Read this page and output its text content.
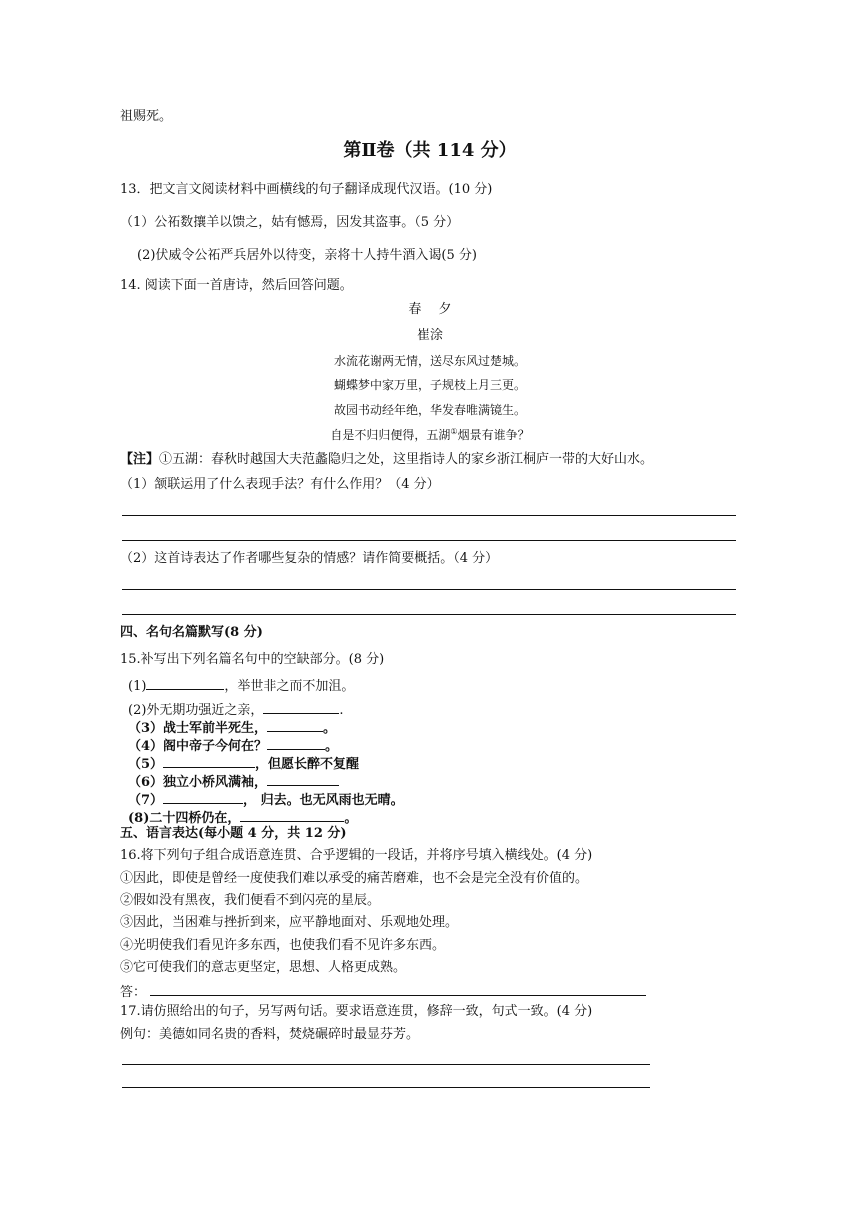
祖赐死。
第Ⅱ卷（共 114 分）
13．把文言文阅读材料中画横线的句子翻译成现代汉语。(10 分)
（1）公祏数攘羊以馈之，姑有憾焉，因发其盗事。（5 分）
(2)伏威令公祏严兵居外以待变，亲将十人持牛酒入谒(5 分)
14. 阅读下面一首唐诗，然后回答问题。
春　 夕
崔涂
水流花谢两无情，送尽东风过楚城。
蝴蝶梦中家万里，子规枝上月三更。
故园书动经年绝，华发春唯满镜生。
自是不归归便得，五湖①烟景有谁争？
【注】①五湖：春秋时越国大夫范蠡隐归之处，这里指诗人的家乡浙江桐庐一带的大好山水。
（1）颔联运用了什么表现手法？有什么作用？（4 分）
（2）这首诗表达了作者哪些复杂的情感？请作简要概括。（4 分）
四、名句名篇默写(8 分)
15.补写出下列名篇名句中的空缺部分。(8 分)
(1)	，举世非之而不加沮。
(2)外无期功强近之亲，	.
（3）战士军前半死生，	。
（4）阁中帝子今何在？	。
（5）	，但愿长醉不复醒
（6）独立小桥风满袖，
（7）	， 归去。也无风雨也无晴。
(8)二十四桥仍在，	。
五、语言表达(每小题 4 分，共 12 分)
16.将下列句子组合成语意连贯、合乎逻辑的一段话，并将序号填入横线处。(4 分)
①因此，即使是曾经一度使我们难以承受的痛苦磨难，也不会是完全没有价值的。
②假如没有黑夜，我们便看不到闪亮的星辰。
③因此，当困难与挫折到来，应平静地面对、乐观地处理。
④光明使我们看见许多东西，也使我们看不见许多东西。
⑤它可使我们的意志更坚定，思想、人格更成熟。
答：
17.请仿照给出的句子，另写两句话。要求语意连贯，修辞一致，句式一致。(4 分)
例句：美德如同名贵的香料，焚烧碾碎时最显芬芳。
